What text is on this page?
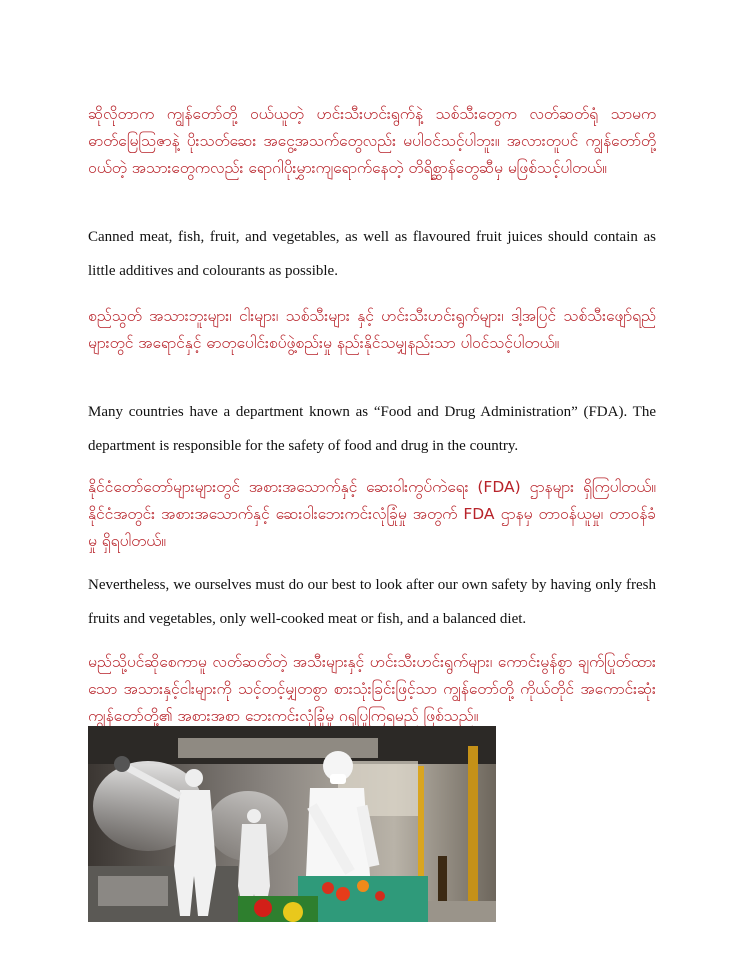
ဆိုလိုတာက ကျွန်တော်တို့ ဝယ်ယူတဲ့ ဟင်းသီးဟင်းရွက်နဲ့ သစ်သီးတွေက လတ်ဆတ်ရုံ သာမက ဓာတ်မြေဩဇာနဲ့ ပိုးသတ်ဆေး အငွေ့အသက်တွေလည်း မပါဝင်သင့်ပါဘူး။ အလားတူပင် ကျွန်တော်တို့ဝယ်တဲ့ အသားတွေကလည်း ရောဂါပိုးမွှားကျရောက်နေတဲ့ တိရိစ္ဆာန်တွေဆီမှ မဖြစ်သင့်ပါတယ်။

Canned meat, fish, fruit, and vegetables, as well as flavoured fruit juices should contain as little additives and colourants as possible.

စည်သွတ် အသားဘူးများ၊ ငါးများ၊ သစ်သီးများ နှင့် ဟင်းသီးဟင်းရွက်များ၊ ဒါ့အပြင် သစ်သီးဖျော်ရည်များတွင် အရောင်နှင့် ဓာတုပေါင်းစပ်ဖွဲ့စည်းမှု နည်းနိုင်သမျှနည်းသာ ပါဝင်သင့်ပါတယ်။

Many countries have a department known as “Food and Drug Administration” (FDA). The department is responsible for the safety of food and drug in the country.

နိုင်ငံတော်တော်များများတွင် အစားအသောက်နှင့် ဆေးဝါးကွပ်ကဲရေး (FDA) ဌာနများ ရှိကြပါတယ်။ နိုင်ငံအတွင်း အစားအသောက်နှင့် ဆေးဝါးဘေးကင်းလုံခြုံမှု အတွက် FDA ဌာနမှ တာဝန်ယူမှု၊ တာဝန်ခံမှု ရှိရပါတယ်။

Nevertheless, we ourselves must do our best to look after our own safety by having only fresh fruits and vegetables, only well-cooked meat or fish, and a balanced diet.

မည်သို့ပင်ဆိုစေကာမူ လတ်ဆတ်တဲ့ အသီးများနှင့် ဟင်းသီးဟင်းရွက်များ၊ ကောင်းမွန်စွာ ချက်ပြုတ်ထားသော အသားနှင့်ငါးများကို သင့်တင့်မျှတစွာ စားသုံးခြင်းဖြင့်သာ ကျွန်တော်တို့ ကိုယ်တိုင် အကောင်းဆုံး ကျွန်တော်တို့၏ အစားအစာ ဘေးကင်းလုံခြုံမှု ဂရုပြုကြရမည် ဖြစ်သည်။
